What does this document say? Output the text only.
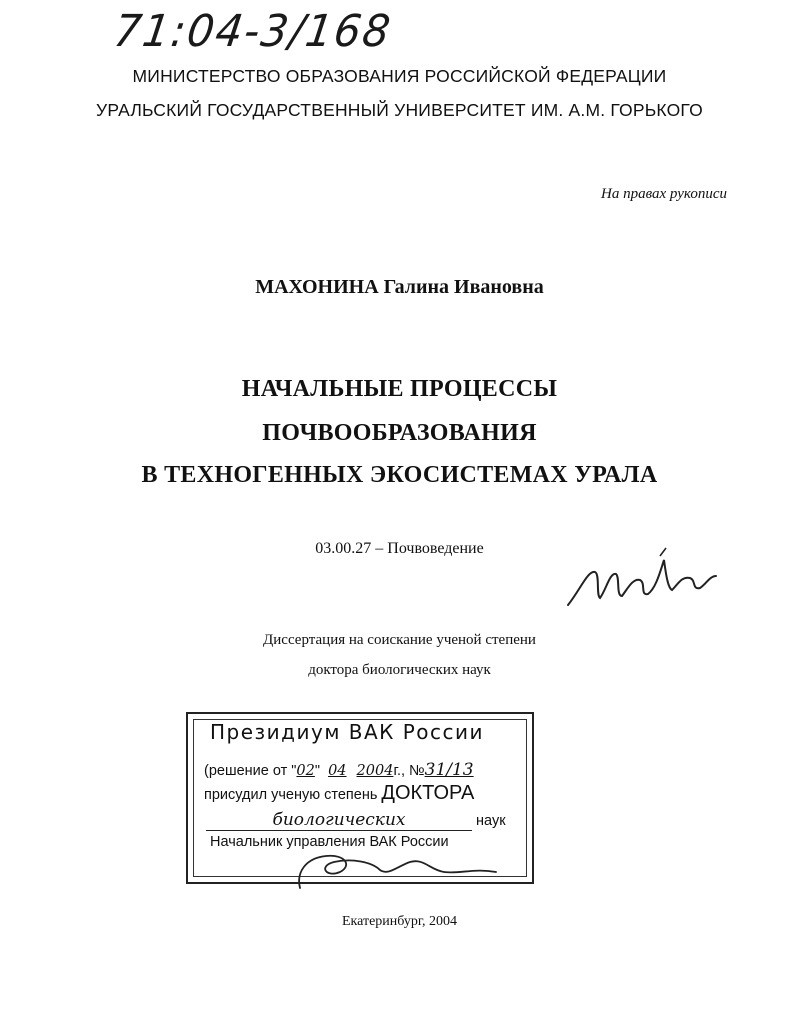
71:04-3/168
МИНИСТЕРСТВО ОБРАЗОВАНИЯ РОССИЙСКОЙ ФЕДЕРАЦИИ
УРАЛЬСКИЙ ГОСУДАРСТВЕННЫЙ УНИВЕРСИТЕТ ИМ. А.М. ГОРЬКОГО
На правах рукописи
МАХОНИНА Галина Ивановна
НАЧАЛЬНЫЕ ПРОЦЕССЫ
ПОЧВООБРАЗОВАНИЯ
В ТЕХНОГЕННЫХ ЭКОСИСТЕМАХ УРАЛА
03.00.27 – Почвоведение
Диссертация на соискание ученой степени
доктора биологических наук
Президиум ВАК России
(решение от "02" 04 2004г., №31/13
присудил ученую степень ДОКТОРА
биологических	наук
Начальник управления ВАК России
Екатеринбург, 2004
